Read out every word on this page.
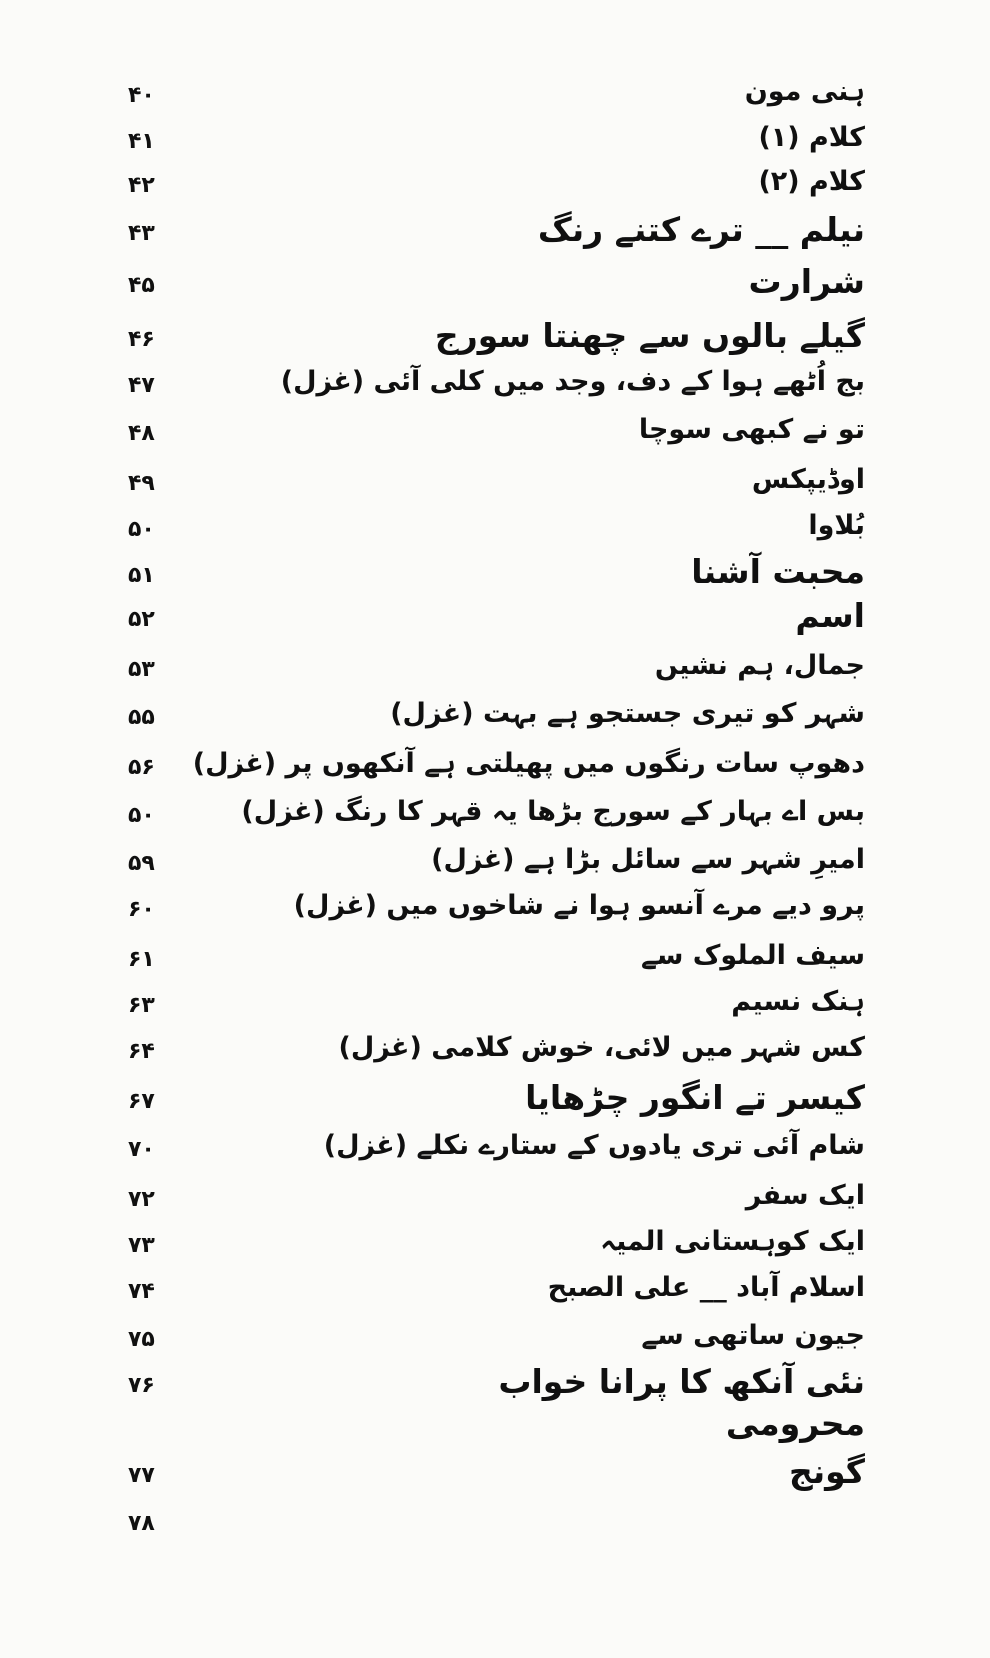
ہنی مون
۴۰
کلام (۱)
۴۱
کلام (۲)
۴۲
نیلم __ ترے کتنے رنگ
۴۳
شرارت
۴۵
گیلے بالوں سے چھنتا سورج
۴۶
بج اُٹھے ہوا کے دف، وجد میں کلی آئی (غزل)
۴۷
تو نے کبھی سوچا
۴۸
اوڈیپکس
۴۹
بُلاوا
۵۰
محبت آشنا
۵۱
اسم
۵۲
جمال، ہم نشیں
۵۳
شہر کو تیری جستجو ہے بہت (غزل)
۵۵
دھوپ سات رنگوں میں پھیلتی ہے آنکھوں پر (غزل)
۵۶
بس اے بہار کے سورج بڑھا یہ قہر کا رنگ (غزل)
۵۰
امیرِ شہر سے سائل بڑا ہے (غزل)
۵۹
پرو دیے مرے آنسو ہوا نے شاخوں میں (غزل)
۶۰
سیف الملوک سے
۶۱
ہنک نسیم
۶۳
کس شہر میں لائی، خوش کلامی (غزل)
۶۴
کیسر تے انگور چڑھایا
۶۷
شام آئی تری یادوں کے ستارے نکلے (غزل)
۷۰
ایک سفر
۷۲
ایک کوہستانی المیہ
۷۳
اسلام آباد __ علی الصبح
۷۴
جیون ساتھی سے
۷۵
نئی آنکھ کا پرانا خواب
۷۶
محرومی
گونج
۷۷
۷۸
